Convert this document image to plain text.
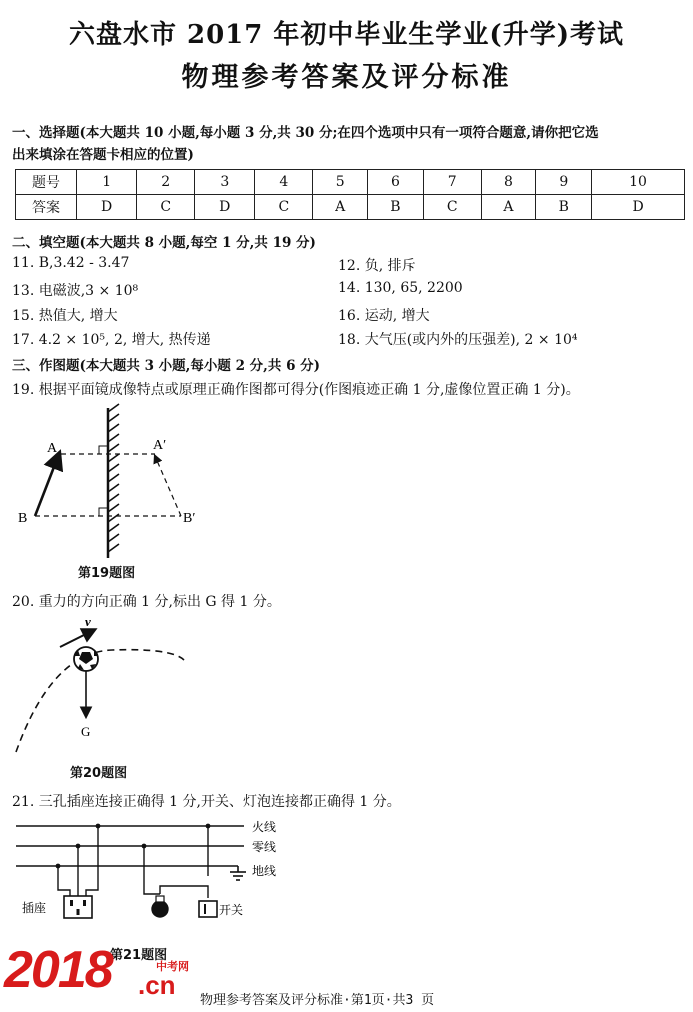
六盘水市 2017 年初中毕业生学业(升学)考试
物理参考答案及评分标准
一、选择题(本大题共 10 小题,每小题 3 分,共 30 分;在四个选项中只有一项符合题意,请你把它选
出来填涂在答题卡相应的位置)
题号	1	2	3	4	5	6	7	8	9	10
答案	D	C	D	C	A	B	C	A	B	D
二、填空题(本大题共 8 小题,每空 1 分,共 19 分)
11. B,3.42 - 3.47	12. 负, 排斥
13. 电磁波,3 × 10⁸	14. 130, 65, 2200
15. 热值大, 增大	16. 运动, 增大
17. 4.2 × 10⁵, 2, 增大, 热传递	18. 大气压(或内外的压强差), 2 × 10⁴
三、作图题(本大题共 3 小题,每小题 2 分,共 6 分)
19. 根据平面镜成像特点或原理正确作图都可得分(作图痕迹正确 1 分,虚像位置正确 1 分)。
A	A′
B	B′
第19题图
20. 重力的方向正确 1 分,标出 G 得 1 分。
v
G
第20题图
21. 三孔插座连接正确得 1 分,开关、灯泡连接都正确得 1 分。
火线
零线
地线
插座	开关
第21题图
2018	中考网
.cn
物理参考答案及评分标准·第1页·共3 页
